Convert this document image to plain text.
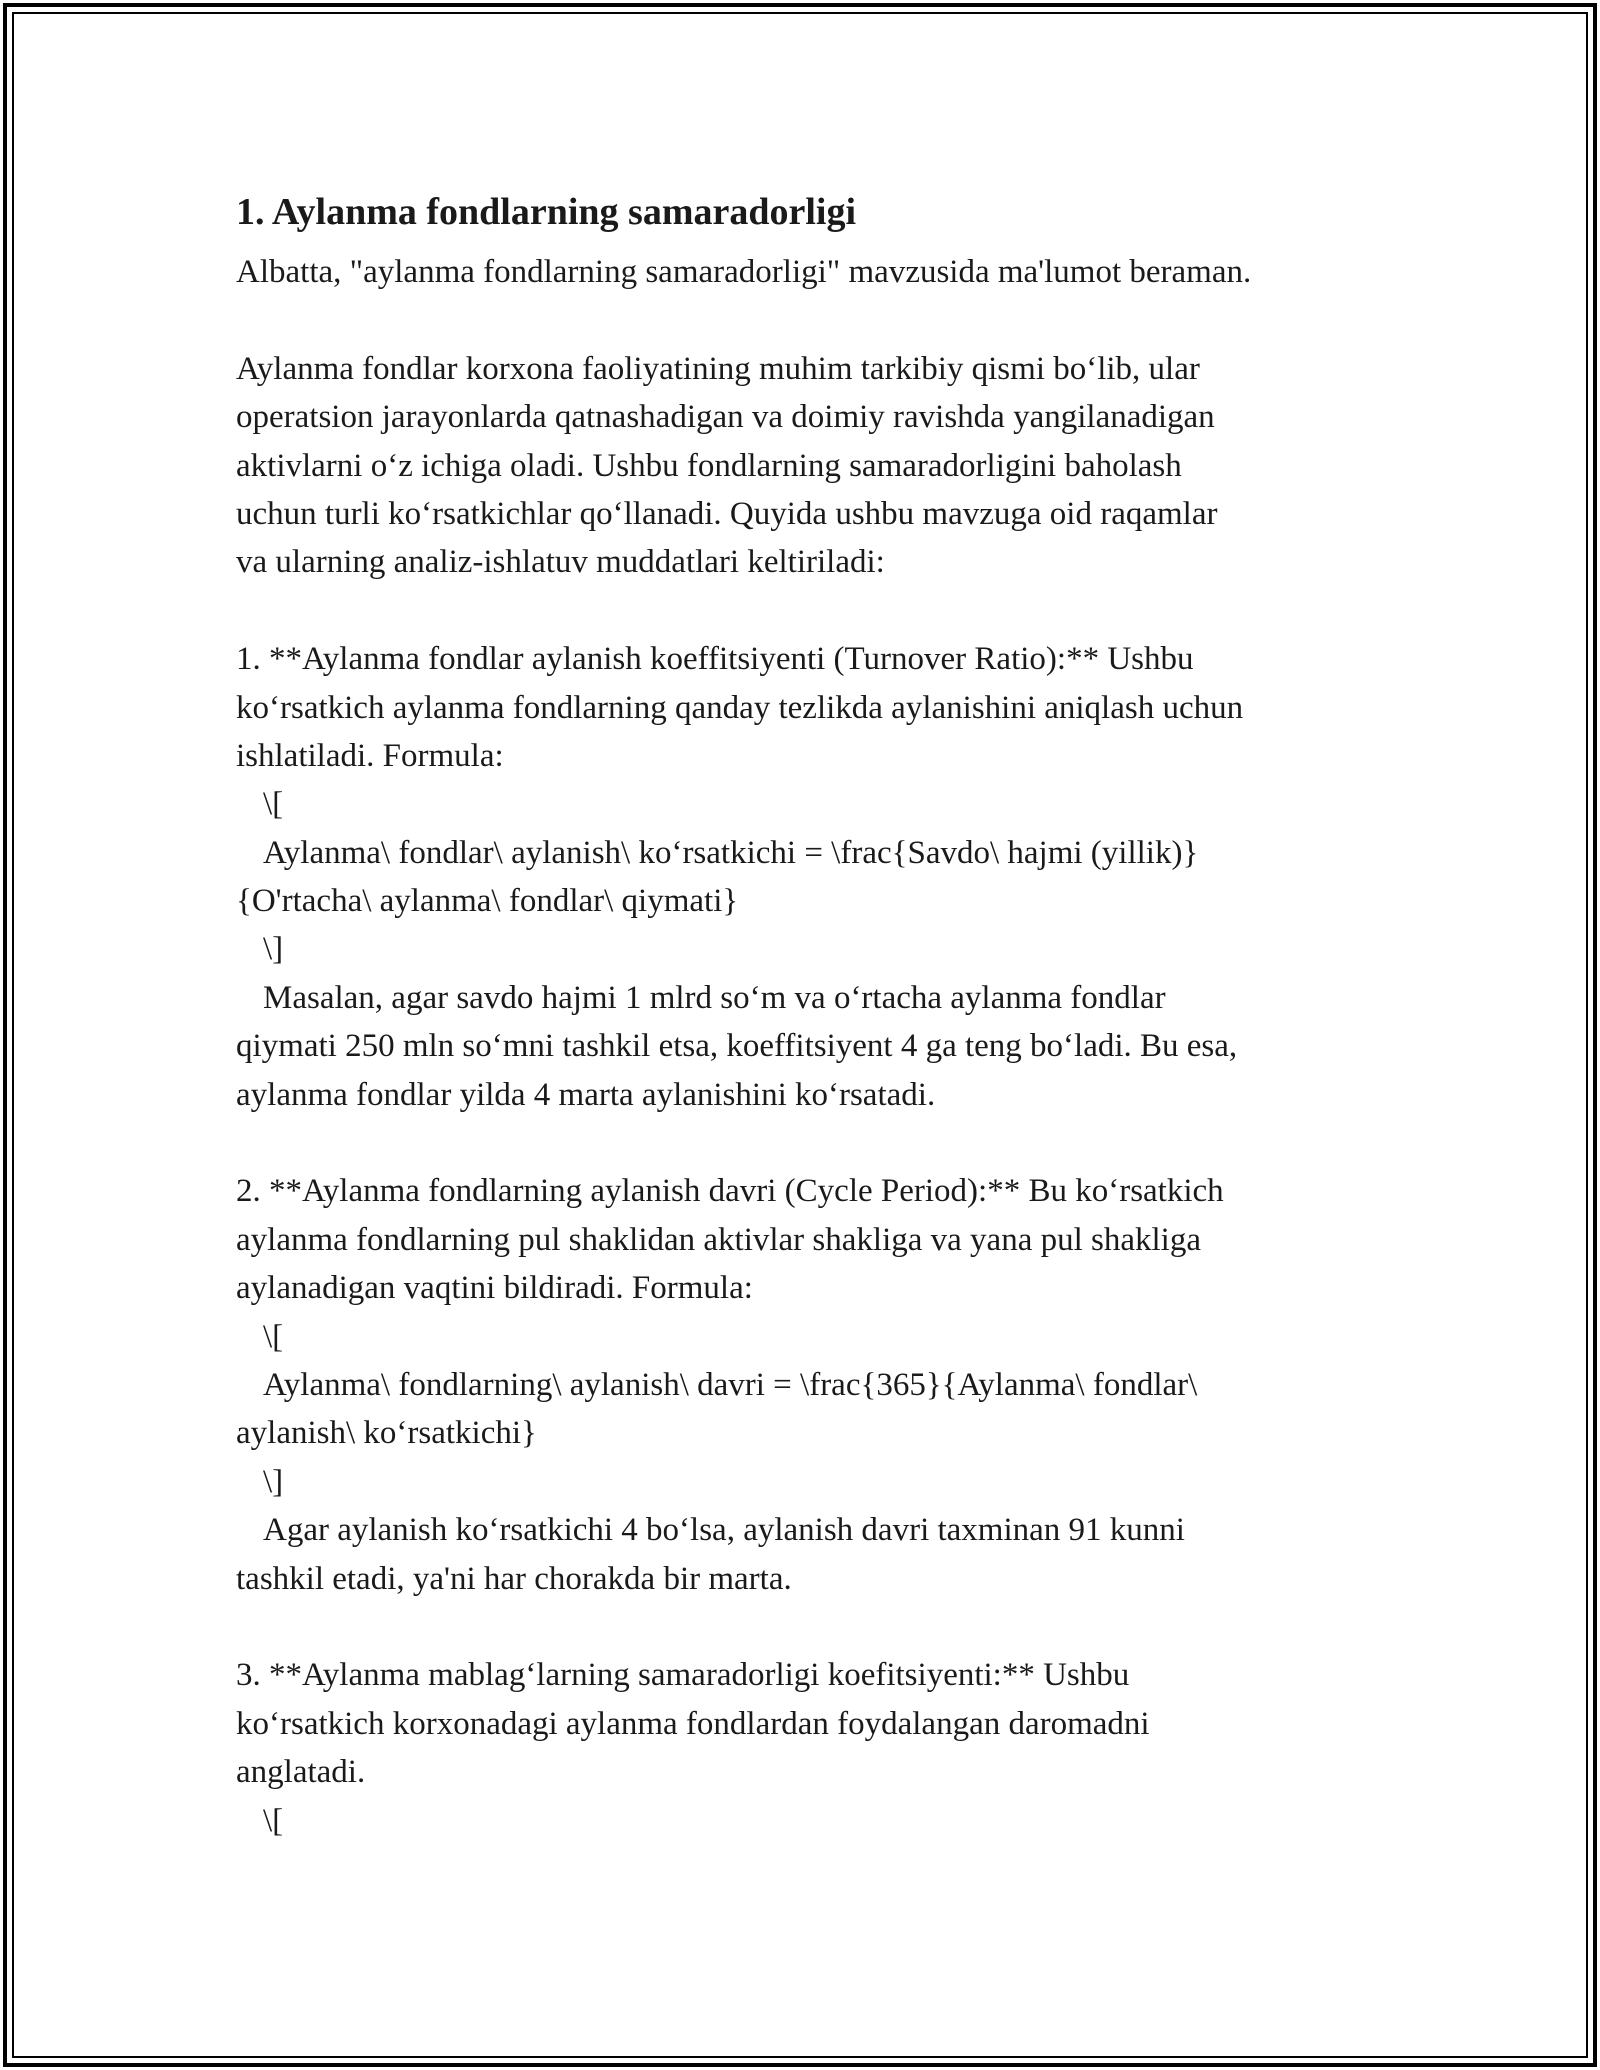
1. Aylanma fondlarning samaradorligi
Albatta, "aylanma fondlarning samaradorligi" mavzusida ma'lumot beraman.
Aylanma fondlar korxona faoliyatining muhim tarkibiy qismi bo‘lib, ular
operatsion jarayonlarda qatnashadigan va doimiy ravishda yangilanadigan
aktivlarni o‘z ichiga oladi. Ushbu fondlarning samaradorligini baholash
uchun turli ko‘rsatkichlar qo‘llanadi. Quyida ushbu mavzuga oid raqamlar
va ularning analiz-ishlatuv muddatlari keltiriladi:
1. **Aylanma fondlar aylanish koeffitsiyenti (Turnover Ratio):** Ushbu
ko‘rsatkich aylanma fondlarning qanday tezlikda aylanishini aniqlash uchun
ishlatiladi. Formula:
\[
Aylanma\ fondlar\ aylanish\ ko‘rsatkichi = \frac{Savdo\ hajmi (yillik)}
{O'rtacha\ aylanma\ fondlar\ qiymati}
\]
Masalan, agar savdo hajmi 1 mlrd so‘m va o‘rtacha aylanma fondlar
qiymati 250 mln so‘mni tashkil etsa, koeffitsiyent 4 ga teng bo‘ladi. Bu esa,
aylanma fondlar yilda 4 marta aylanishini ko‘rsatadi.
2. **Aylanma fondlarning aylanish davri (Cycle Period):** Bu ko‘rsatkich
aylanma fondlarning pul shaklidan aktivlar shakliga va yana pul shakliga
aylanadigan vaqtini bildiradi. Formula:
\[
Aylanma\ fondlarning\ aylanish\ davri = \frac{365}{Aylanma\ fondlar\
aylanish\ ko‘rsatkichi}
\]
Agar aylanish ko‘rsatkichi 4 bo‘lsa, aylanish davri taxminan 91 kunni
tashkil etadi, ya'ni har chorakda bir marta.
3. **Aylanma mablag‘larning samaradorligi koefitsiyenti:** Ushbu
ko‘rsatkich korxonadagi aylanma fondlardan foydalangan daromadni
anglatadi.
\[
